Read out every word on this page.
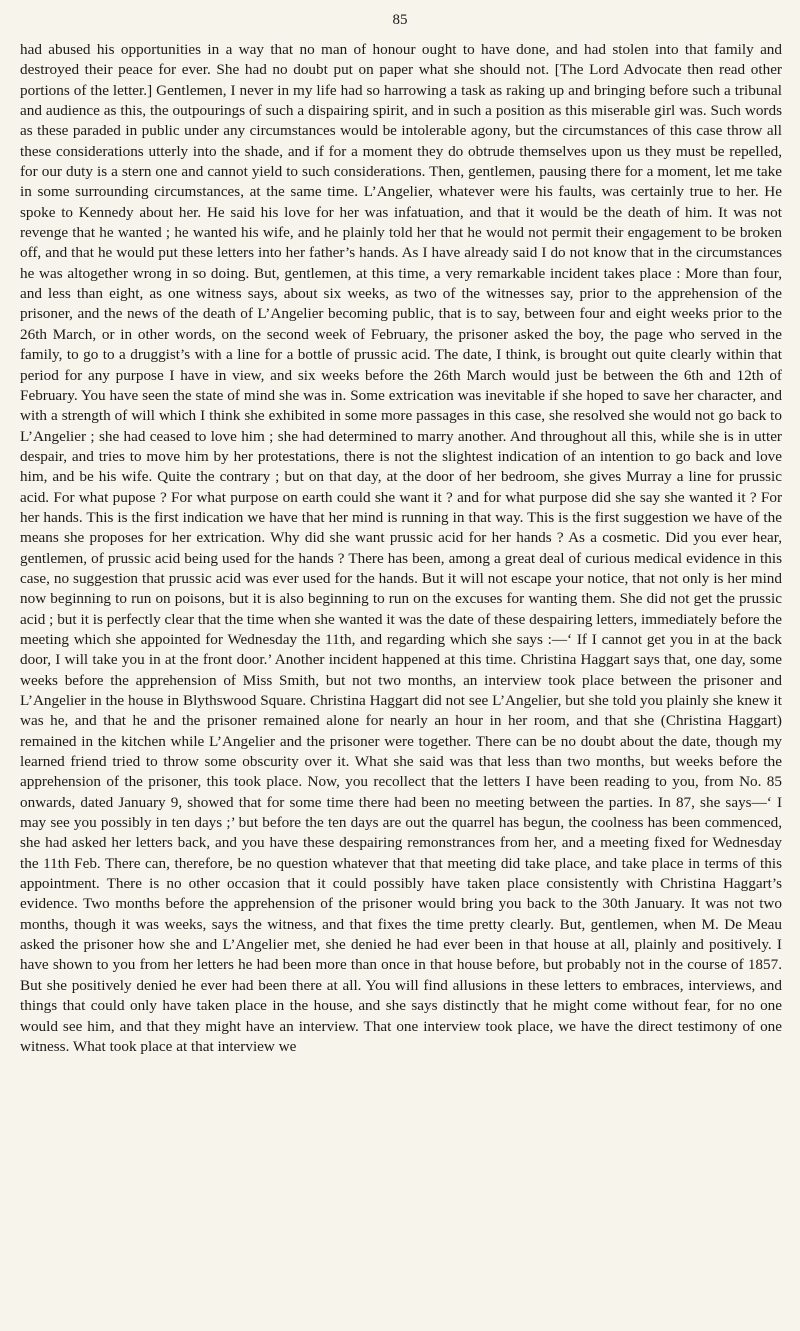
85

had abused his opportunities in a way that no man of honour ought to have done, and had stolen into that family and destroyed their peace for ever. She had no doubt put on paper what she should not. [The Lord Advocate then read other portions of the letter.] Gentlemen, I never in my life had so harrowing a task as raking up and bringing before such a tribunal and audience as this, the outpourings of such a dispairing spirit, and in such a position as this miserable girl was. Such words as these paraded in public under any circumstances would be intolerable agony, but the circumstances of this case throw all these considerations utterly into the shade, and if for a moment they do obtrude themselves upon us they must be repelled, for our duty is a stern one and cannot yield to such considerations. Then, gentlemen, pausing there for a moment, let me take in some surrounding circumstances, at the same time. L’Angelier, whatever were his faults, was certainly true to her. He spoke to Kennedy about her. He said his love for her was infatuation, and that it would be the death of him. It was not revenge that he wanted ; he wanted his wife, and he plainly told her that he would not permit their engagement to be broken off, and that he would put these letters into her father’s hands. As I have already said I do not know that in the circumstances he was altogether wrong in so doing. But, gentlemen, at this time, a very remarkable incident takes place : More than four, and less than eight, as one witness says, about six weeks, as two of the witnesses say, prior to the apprehension of the prisoner, and the news of the death of L’Angelier becoming public, that is to say, between four and eight weeks prior to the 26th March, or in other words, on the second week of February, the prisoner asked the boy, the page who served in the family, to go to a druggist’s with a line for a bottle of prussic acid. The date, I think, is brought out quite clearly within that period for any purpose I have in view, and six weeks before the 26th March would just be between the 6th and 12th of February. You have seen the state of mind she was in. Some extrication was inevitable if she hoped to save her character, and with a strength of will which I think she exhibited in some more passages in this case, she resolved she would not go back to L’Angelier ; she had ceased to love him ; she had determined to marry another. And throughout all this, while she is in utter despair, and tries to move him by her protestations, there is not the slightest indication of an intention to go back and love him, and be his wife. Quite the contrary ; but on that day, at the door of her bedroom, she gives Murray a line for prussic acid. For what pupose ? For what purpose on earth could she want it ? and for what purpose did she say she wanted it ? For her hands. This is the first indication we have that her mind is running in that way. This is the first suggestion we have of the means she proposes for her extrication. Why did she want prussic acid for her hands ? As a cosmetic. Did you ever hear, gentlemen, of prussic acid being used for the hands ? There has been, among a great deal of curious medical evidence in this case, no suggestion that prussic acid was ever used for the hands. But it will not escape your notice, that not only is her mind now beginning to run on poisons, but it is also beginning to run on the excuses for wanting them. She did not get the prussic acid ; but it is perfectly clear that the time when she wanted it was the date of these despairing letters, immediately before the meeting which she appointed for Wednesday the 11th, and regarding which she says :—‘ If I cannot get you in at the back door, I will take you in at the front door.’ Another incident happened at this time. Christina Haggart says that, one day, some weeks before the apprehension of Miss Smith, but not two months, an interview took place between the prisoner and L’Angelier in the house in Blythswood Square. Christina Haggart did not see L’Angelier, but she told you plainly she knew it was he, and that he and the prisoner remained alone for nearly an hour in her room, and that she (Christina Haggart) remained in the kitchen while L’Angelier and the prisoner were together. There can be no doubt about the date, though my learned friend tried to throw some obscurity over it. What she said was that less than two months, but weeks before the apprehension of the prisoner, this took place. Now, you recollect that the letters I have been reading to you, from No. 85 onwards, dated January 9, showed that for some time there had been no meeting between the parties. In 87, she says—‘ I may see you possibly in ten days ;’ but before the ten days are out the quarrel has begun, the coolness has been commenced, she had asked her letters back, and you have these despairing remonstrances from her, and a meeting fixed for Wednesday the 11th Feb. There can, therefore, be no question whatever that that meeting did take place, and take place in terms of this appointment. There is no other occasion that it could possibly have taken place consistently with Christina Haggart’s evidence. Two months before the apprehension of the prisoner would bring you back to the 30th January. It was not two months, though it was weeks, says the witness, and that fixes the time pretty clearly. But, gentlemen, when M. De Meau asked the prisoner how she and L’Angelier met, she denied he had ever been in that house at all, plainly and positively. I have shown to you from her letters he had been more than once in that house before, but probably not in the course of 1857. But she positively denied he ever had been there at all. You will find allusions in these letters to embraces, interviews, and things that could only have taken place in the house, and she says distinctly that he might come without fear, for no one would see him, and that they might have an interview. That one interview took place, we have the direct testimony of one witness. What took place at that interview we
